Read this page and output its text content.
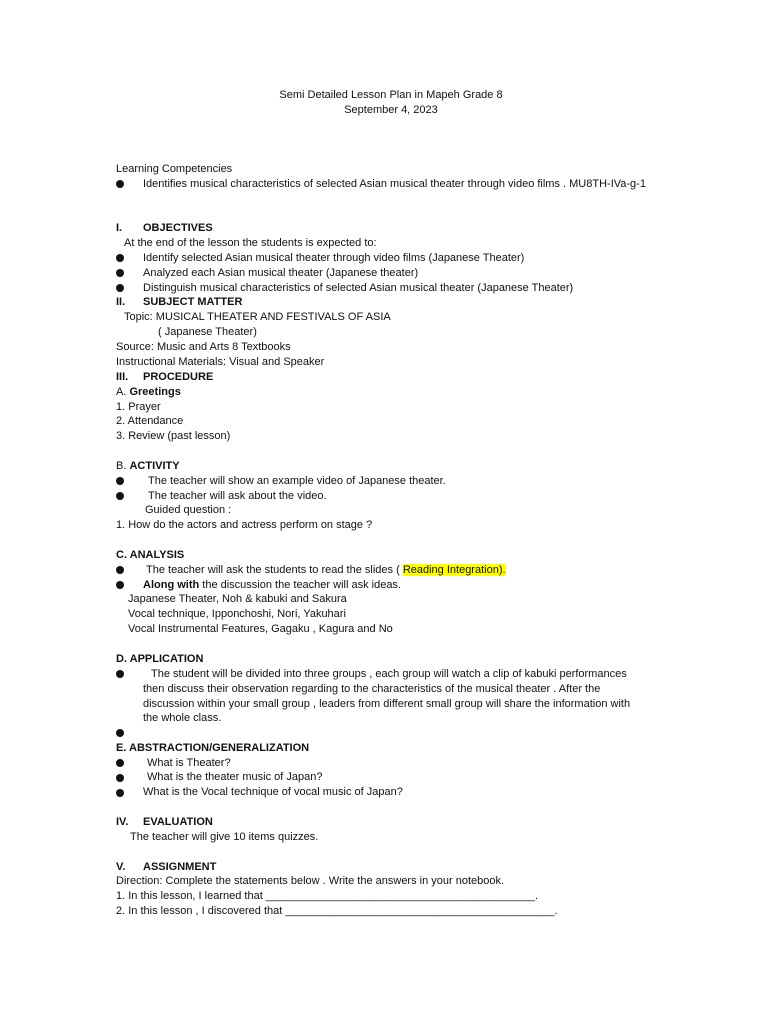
Semi Detailed Lesson Plan in Mapeh Grade 8
September 4, 2023
Learning Competencies
Identifies musical characteristics of selected Asian musical theater through video films . MU8TH-IVa-g-1
I. OBJECTIVES
At the end of the lesson the students is expected to:
Identify selected Asian musical theater through video films (Japanese Theater)
Analyzed each Asian musical theater (Japanese theater)
Distinguish musical characteristics of selected Asian musical theater (Japanese Theater)
II. SUBJECT MATTER
Topic: MUSICAL THEATER AND FESTIVALS OF ASIA
( Japanese Theater)
Source: Music and Arts 8 Textbooks
Instructional Materials: Visual and Speaker
III. PROCEDURE
A. Greetings
1. Prayer
2. Attendance
3. Review (past lesson)
B. ACTIVITY
The teacher will show an example video of Japanese theater.
The teacher will ask about the video.
Guided question :
1. How do the actors and actress perform on stage ?
C. ANALYSIS
The teacher will ask the students to read the slides ( Reading Integration).
Along with the discussion the teacher will ask ideas.
Japanese Theater, Noh & kabuki and Sakura
Vocal technique, Ipponchoshi, Nori, Yakuhari
Vocal Instrumental Features, Gagaku , Kagura and No
D. APPLICATION
The student will be divided into three groups , each group will watch a clip of kabuki performances then discuss their observation regarding to the characteristics of the musical theater . After the discussion within your small group , leaders from different small group will share the information with the whole class.
E. ABSTRACTION/GENERALIZATION
What is Theater?
What is the theater music of Japan?
What is the Vocal technique of vocal music of Japan?
IV. EVALUATION
The teacher will give 10 items quizzes.
V. ASSIGNMENT
Direction: Complete the statements below . Write the answers in your notebook.
1. In this lesson, I learned that ____________________________________________.
2. In this lesson , I discovered that ____________________________________________.
